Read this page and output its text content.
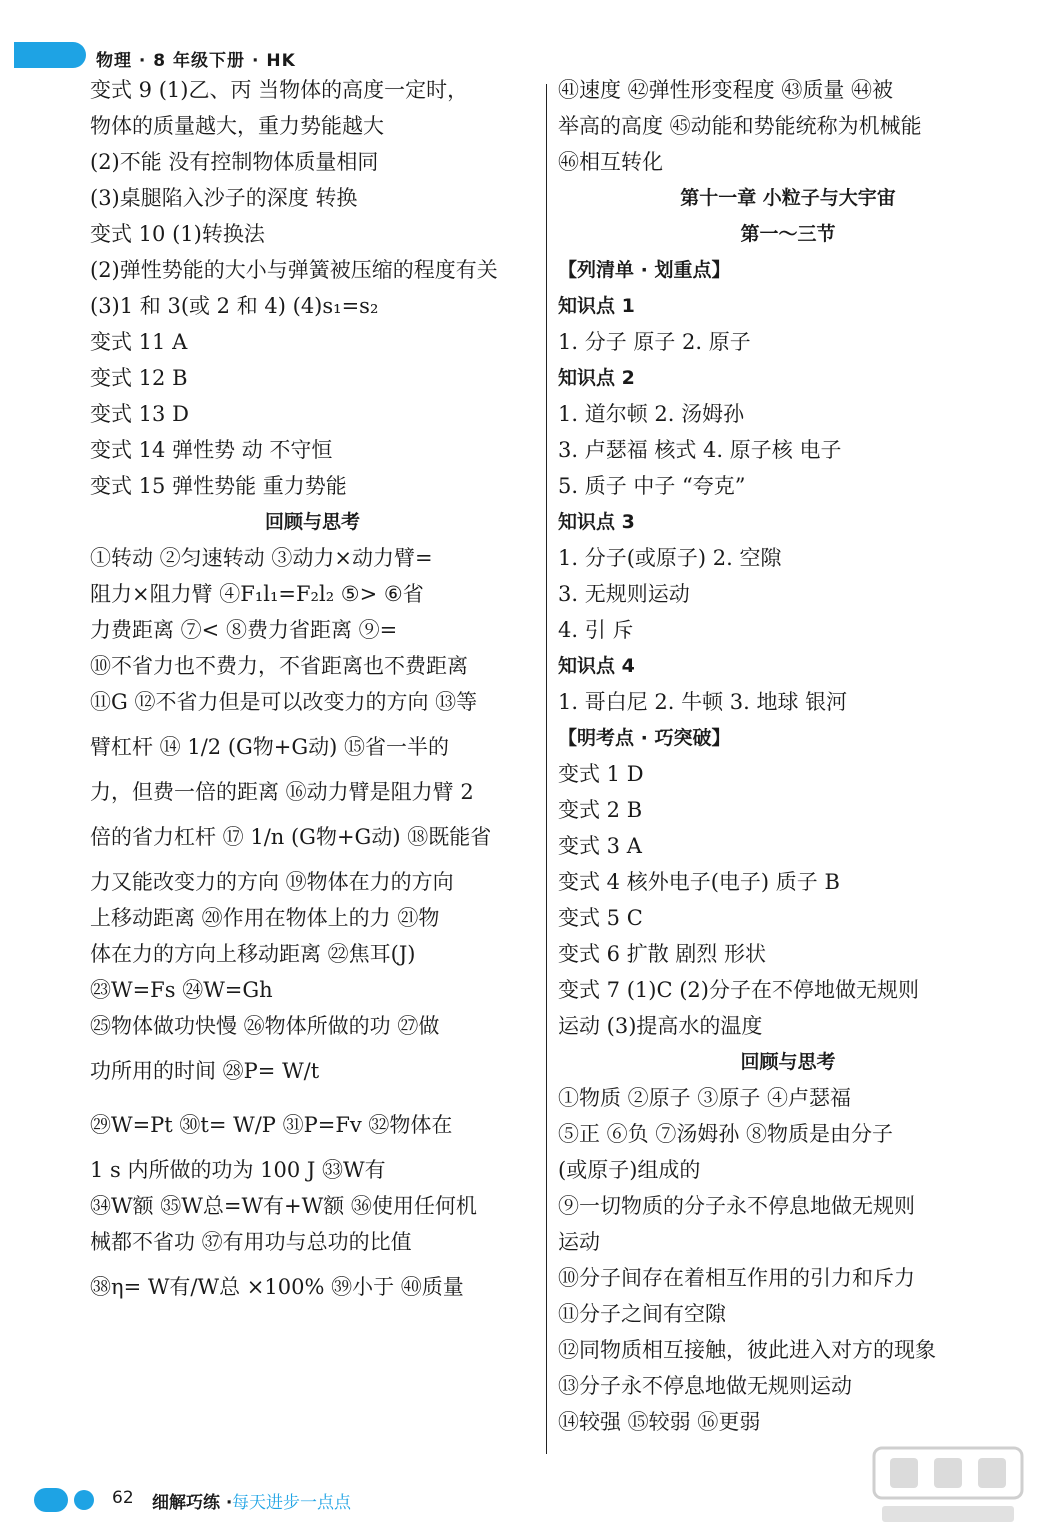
物理 · 8 年级下册 · HK
变式 9 (1)乙、丙 当物体的高度一定时，
物体的质量越大，重力势能越大
(2)不能 没有控制物体质量相同
(3)桌腿陷入沙子的深度 转换
变式 10 (1)转换法
(2)弹性势能的大小与弹簧被压缩的程度有关
(3)1 和 3(或 2 和 4) (4)s₁=s₂
变式 11 A
变式 12 B
变式 13 D
变式 14 弹性势 动 不守恒
变式 15 弹性势能 重力势能
回顾与思考
①转动 ②匀速转动 ③动力×动力臂=
阻力×阻力臂 ④F₁l₁=F₂l₂ ⑤> ⑥省
力费距离 ⑦< ⑧费力省距离 ⑨=
⑩不省力也不费力，不省距离也不费距离
⑪G ⑫不省力但是可以改变力的方向 ⑬等
臂杠杆 ⑭ 1/2 (G物+G动) ⑮省一半的
力，但费一倍的距离 ⑯动力臂是阻力臂 2
倍的省力杠杆 ⑰ 1/n (G物+G动) ⑱既能省
力又能改变力的方向 ⑲物体在力的方向
上移动距离 ⑳作用在物体上的力 ㉑物
体在力的方向上移动距离 ㉒焦耳(J)
㉓W=Fs ㉔W=Gh
㉕物体做功快慢 ㉖物体所做的功 ㉗做
功所用的时间 ㉘P= W/t
㉙W=Pt ㉚t= W/P ㉛P=Fv ㉜物体在
1 s 内所做的功为 100 J ㉝W有
㉞W额 ㉟W总=W有+W额 ㊱使用任何机
械都不省功 ㊲有用功与总功的比值
㊳η= W有/W总 ×100% ㊴小于 ㊵质量
㊶速度 ㊷弹性形变程度 ㊸质量 ㊹被
举高的高度 ㊺动能和势能统称为机械能
㊻相互转化
第十一章 小粒子与大宇宙
第一～三节
【列清单 · 划重点】
知识点 1
1. 分子 原子 2. 原子
知识点 2
1. 道尔顿 2. 汤姆孙
3. 卢瑟福 核式 4. 原子核 电子
5. 质子 中子 “夸克”
知识点 3
1. 分子(或原子) 2. 空隙
3. 无规则运动
4. 引 斥
知识点 4
1. 哥白尼 2. 牛顿 3. 地球 银河
【明考点 · 巧突破】
变式 1 D
变式 2 B
变式 3 A
变式 4 核外电子(电子) 质子 B
变式 5 C
变式 6 扩散 剧烈 形状
变式 7 (1)C (2)分子在不停地做无规则
运动 (3)提高水的温度
回顾与思考
①物质 ②原子 ③原子 ④卢瑟福
⑤正 ⑥负 ⑦汤姆孙 ⑧物质是由分子
(或原子)组成的
⑨一切物质的分子永不停息地做无规则
运动
⑩分子间存在着相互作用的引力和斥力
⑪分子之间有空隙
⑫同物质相互接触，彼此进入对方的现象
⑬分子永不停息地做无规则运动
⑭较强 ⑮较弱 ⑯更弱
62 细解巧练 · 每天进步一点点
